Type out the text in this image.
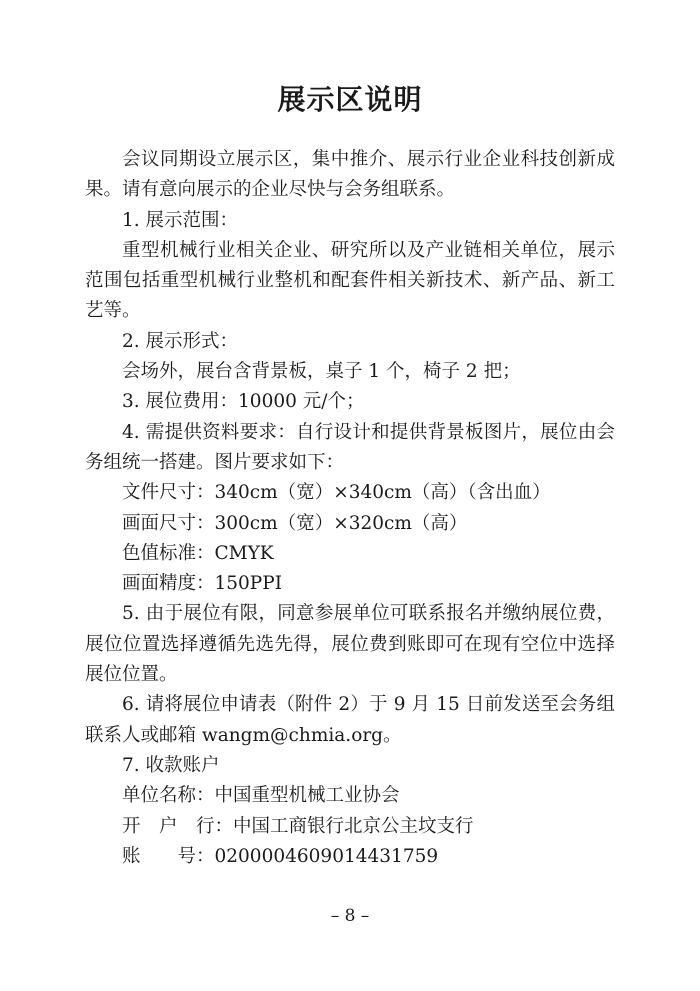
展示区说明

会议同期设立展示区，集中推介、展示行业企业科技创新成果。请有意向展示的企业尽快与会务组联系。

1. 展示范围：

重型机械行业相关企业、研究所以及产业链相关单位，展示范围包括重型机械行业整机和配套件相关新技术、新产品、新工艺等。

2. 展示形式：

会场外，展台含背景板，桌子 1 个，椅子 2 把；

3. 展位费用：10000 元/个；

4. 需提供资料要求：自行设计和提供背景板图片，展位由会务组统一搭建。图片要求如下：

文件尺寸：340cm（宽）×340cm（高）（含出血）

画面尺寸：300cm（宽）×320cm（高）

色值标准：CMYK

画面精度：150PPI

5. 由于展位有限，同意参展单位可联系报名并缴纳展位费，展位位置选择遵循先选先得，展位费到账即可在现有空位中选择展位位置。

6. 请将展位申请表（附件 2）于 9 月 15 日前发送至会务组联系人或邮箱 wangm@chmia.org。

7. 收款账户

单位名称：中国重型机械工业协会

开　户　行：中国工商银行北京公主坟支行

账　　号：0200004609014431759

– 8 –
